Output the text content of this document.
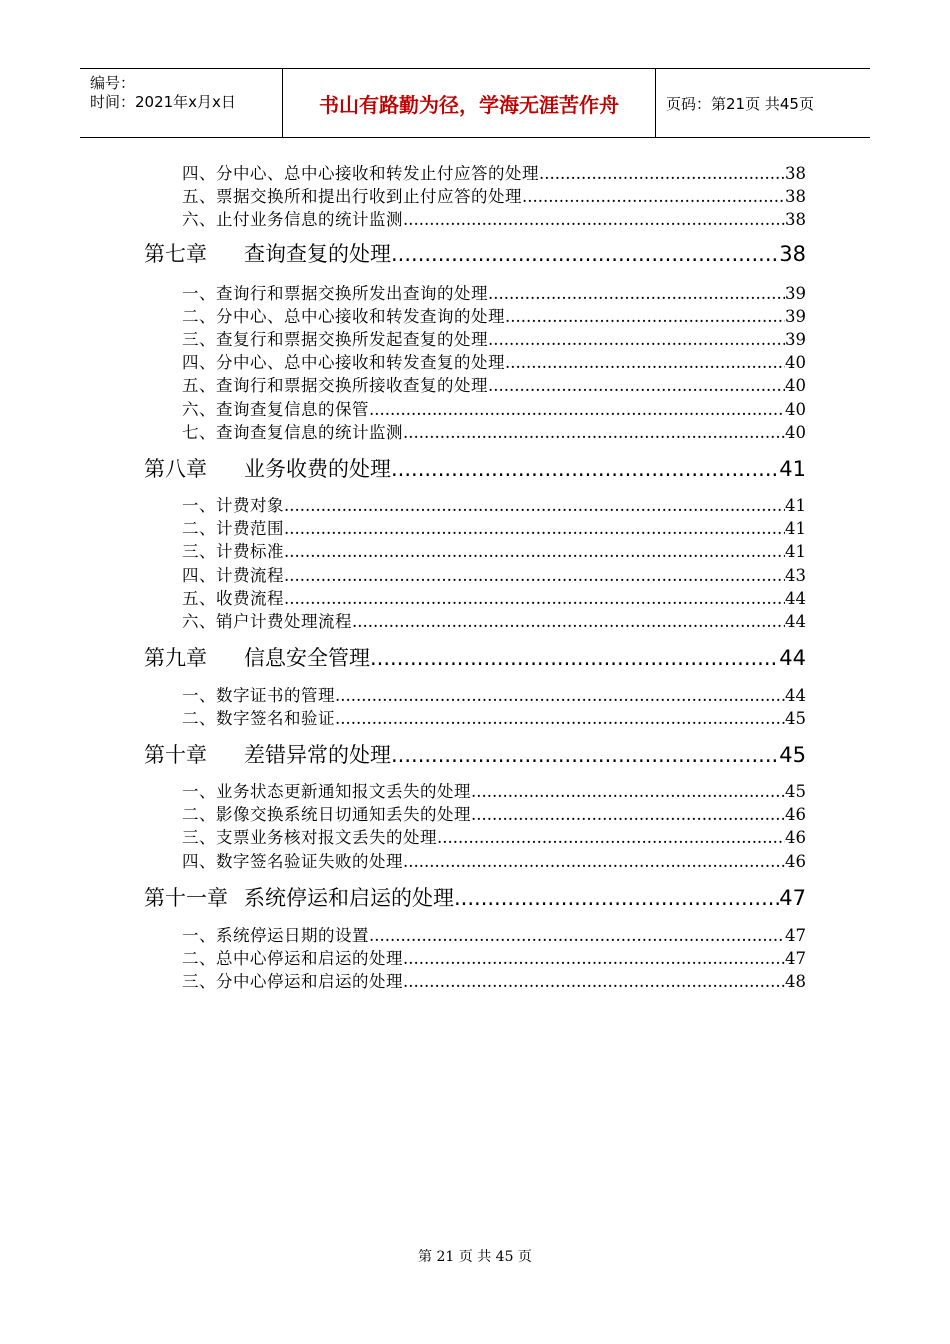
编号：
时间：2021年x月x日	书山有路勤为径，学海无涯苦作舟	页码：第21页 共45页
四、分中心、总中心接收和转发止付应答的处理 .....	38
五、票据交换所和提出行收到止付应答的处理 .....	38
六、止付业务信息的统计监测 .....	38
第七章 查询查复的处理 .....	38
一、查询行和票据交换所发出查询的处理 .....	39
二、分中心、总中心接收和转发查询的处理 .....	39
三、查复行和票据交换所发起查复的处理 .....	39
四、分中心、总中心接收和转发查复的处理 .....	40
五、查询行和票据交换所接收查复的处理 .....	40
六、查询查复信息的保管 .....	40
七、查询查复信息的统计监测 .....	40
第八章 业务收费的处理 .....	41
一、计费对象 .....	41
二、计费范围 .....	41
三、计费标准 .....	41
四、计费流程 .....	43
五、收费流程 .....	44
六、销户计费处理流程 .....	44
第九章 信息安全管理 .....	44
一、数字证书的管理 .....	44
二、数字签名和验证 .....	45
第十章 差错异常的处理 .....	45
一、业务状态更新通知报文丢失的处理 .....	45
二、影像交换系统日切通知丢失的处理 .....	46
三、支票业务核对报文丢失的处理 .....	46
四、数字签名验证失败的处理 .....	46
第十一章 系统停运和启运的处理 .....	47
一、系统停运日期的设置 .....	47
二、总中心停运和启运的处理 .....	47
三、分中心停运和启运的处理 .....	48
第 21 页 共 45 页
